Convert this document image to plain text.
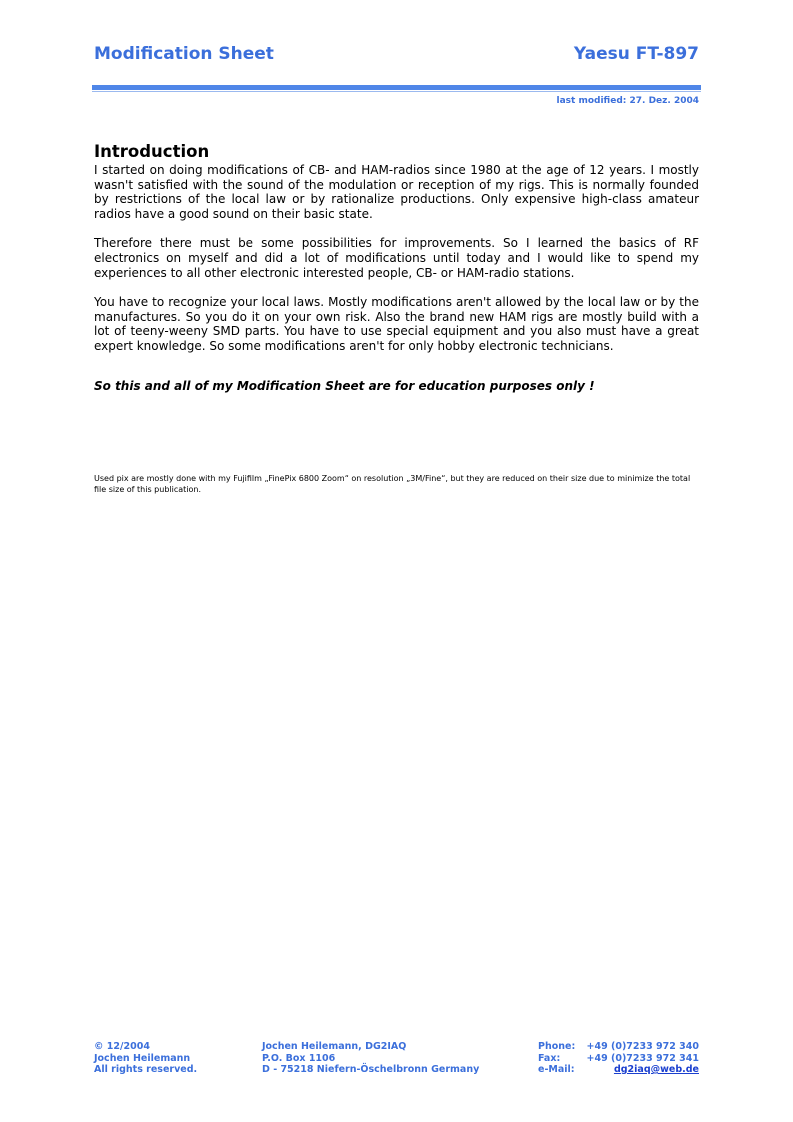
Modification Sheet	Yaesu FT-897
last modified: 27. Dez. 2004
Introduction

I started on doing modifications of CB- and HAM-radios since 1980 at the age of 12 years. I mostly wasn't satisfied with the sound of the modulation or reception of my rigs. This is normally founded by restrictions of the local law or by rationalize productions. Only expensive high-class amateur radios have a good sound on their basic state.

Therefore there must be some possibilities for improvements. So I learned the basics of RF electronics on myself and did a lot of modifications until today and I would like to spend my experiences to all other electronic interested people, CB- or HAM-radio stations.

You have to recognize your local laws. Mostly modifications aren't allowed by the local law or by the manufactures. So you do it on your own risk. Also the brand new HAM rigs are mostly build with a lot of teeny-weeny SMD parts. You have to use special equipment and you also must have a great expert knowledge. So some modifications aren't for only hobby electronic technicians.

So this and all of my Modification Sheet are for education purposes only !
Used pix are mostly done with my Fujifilm „FinePix 6800 Zoom“ on resolution „3M/Fine“, but they are reduced on their size due to minimize the total file size of this publication.
© 12/2004
Jochen Heilemann
All rights reserved.
Jochen Heilemann, DG2IAQ
P.O. Box 1106
D - 75218 Niefern-Öschelbronn Germany
Phone:
Fax:
e-Mail:
+49 (0)7233 972 340
+49 (0)7233 972 341
dg2iaq@web.de
